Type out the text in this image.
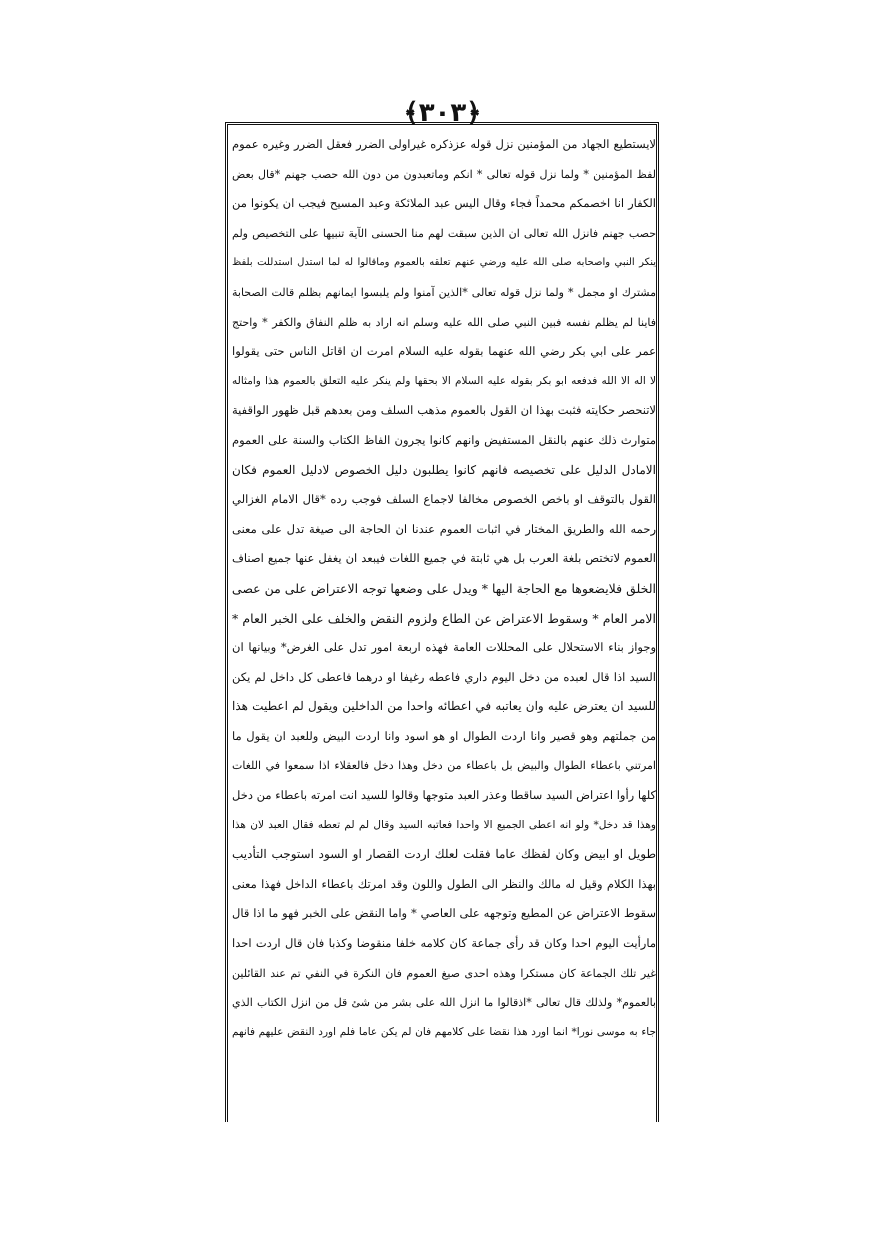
﴿٣٠٣﴾
لايستطيع الجهاد من المؤمنين نزل قوله عزذكره غيراولى الضرر فعقل الضرر وغيره عموم
لفظ المؤمنين * ولما نزل قوله تعالى * انكم وماتعبدون من دون الله حصب جهنم *قال بعض
الكفار انا اخصمكم محمداً فجاء وقال اليس عبد الملائكة وعبد المسيح فيجب ان يكونوا من
حصب جهنم فانزل الله تعالى ان الذين سبقت لهم منا الحسنى الآية تنبيها على التخصيص ولم
ينكر النبي واصحابه صلى الله عليه ورضي عنهم تعلقه بالعموم وماقالوا له لما استدل استدللت بلفظ
مشترك او مجمل * ولما نزل قوله تعالى *الذين آمنوا ولم يلبسوا ايمانهم بظلم قالت الصحابة
فاينا لم يظلم نفسه فبين النبي صلى الله عليه وسلم انه اراد به ظلم النفاق والكفر * واحتج
عمر على ابي بكر رضي الله عنهما بقوله عليه السلام امرت ان اقاتل الناس حتى يقولوا
لا اله الا الله فدفعه ابو بكر بقوله عليه السلام الا بحقها ولم ينكر عليه التعلق بالعموم هذا وامثاله
لاتنحصر حكايته فثبت بهذا ان القول بالعموم مذهب السلف ومن بعدهم قبل ظهور الواقفية
متوارث ذلك عنهم بالنقل المستفيض وانهم كانوا يجرون الفاظ الكتاب والسنة على العموم
الامادل الدليل على تخصيصه فانهم كانوا يطلبون دليل الخصوص لادليل العموم فكان
القول بالتوقف او باخص الخصوص مخالفا لاجماع السلف فوجب رده *قال الامام الغزالي
رحمه الله والطريق المختار في اثبات العموم عندنا ان الحاجة الى صيغة تدل على معنى
العموم لاتختص بلغة العرب بل هي ثابتة في جميع اللغات فيبعد ان يغفل عنها جميع اصناف
الخلق فلايضعوها مع الحاجة اليها * ويدل على وضعها توجه الاعتراض على من عصى
الامر العام * وسقوط الاعتراض عن الطاع ولزوم النقض والخلف على الخبر العام *
وجواز بناء الاستحلال على المحللات العامة فهذه اربعة امور تدل على الغرض* وبيانها ان
السيد اذا قال لعبده من دخل اليوم داري فاعطه رغيفا او درهما فاعطى كل داخل لم يكن
للسيد ان يعترض عليه وان يعاتبه في اعطائه واحدا من الداخلين ويقول لم اعطيت هذا
من جملتهم وهو قصير وانا اردت الطوال او هو اسود وانا اردت البيض وللعبد ان يقول ما
امرتني باعطاء الطوال والبيض بل باعطاء من دخل وهذا دخل فالعقلاء اذا سمعوا في اللغات
كلها رأوا اعتراض السيد ساقطا وعذر العبد متوجها وقالوا للسيد انت امرته باعطاء من دخل
وهذا قد دخل* ولو انه اعطى الجميع الا واحدا فعاتبه السيد وقال لم لم تعطه فقال العبد لان هذا
طويل او ابيض وكان لفظك عاما فقلت لعلك اردت القصار او السود استوجب التأديب
بهذا الكلام وقيل له مالك والنظر الى الطول واللون وقد امرتك باعطاء الداخل فهذا معنى
سقوط الاعتراض عن المطيع وتوجهه على العاصي * واما النقض على الخبر فهو ما اذا قال
مارأيت اليوم احدا وكان قد رأى جماعة كان كلامه خلفا منقوضا وكذبا فان قال اردت احدا
غير تلك الجماعة كان مستكرا وهذه احدى صيغ العموم فان النكرة في النفي تم عند القائلين
بالعموم* ولذلك قال تعالى *اذقالوا ما انزل الله على بشر من شئ قل من انزل الكتاب الذي
جاء به موسى نورا* انما اورد هذا نقضا على كلامهم فان لم يكن عاما فلم اورد النقض عليهم فانهم
